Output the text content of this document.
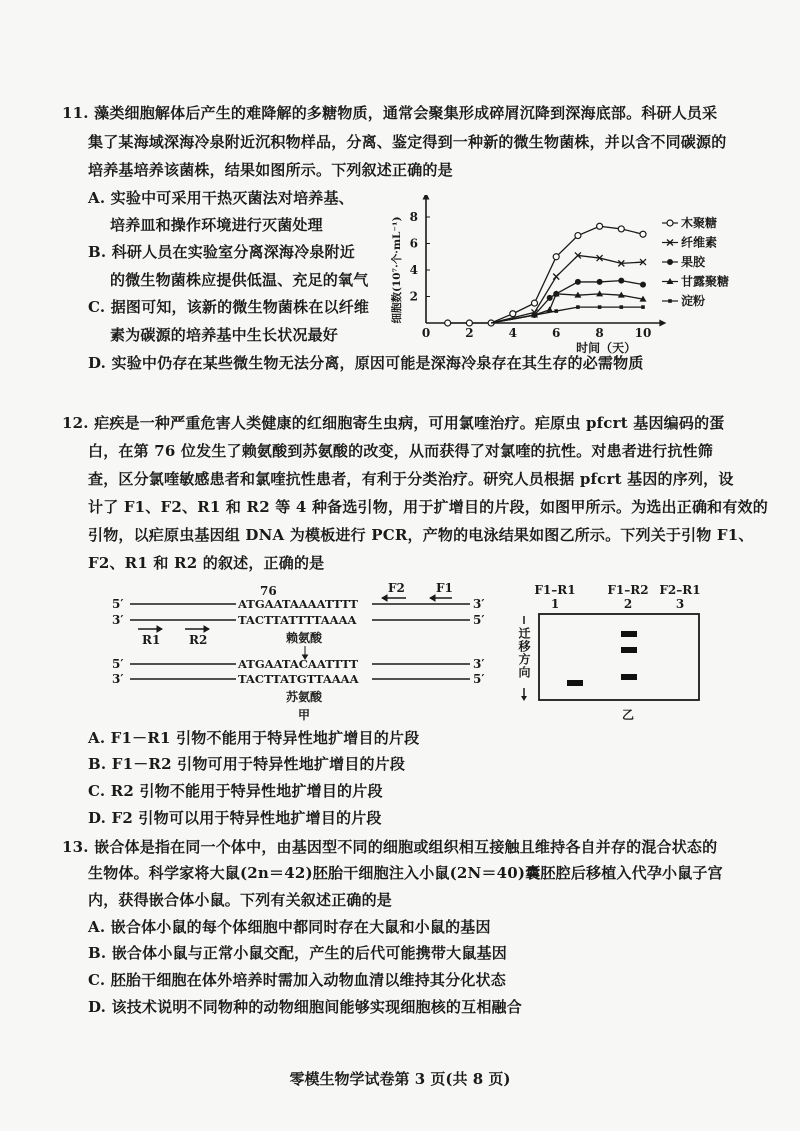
11. 藻类细胞解体后产生的难降解的多糖物质，通常会聚集形成碎屑沉降到深海底部。科研人员采
集了某海域深海冷泉附近沉积物样品，分离、鉴定得到一种新的微生物菌株，并以含不同碳源的
培养基培养该菌株，结果如图所示。下列叙述正确的是
A. 实验中可采用干热灭菌法对培养基、
培养皿和操作环境进行灭菌处理
B. 科研人员在实验室分离深海冷泉附近
的微生物菌株应提供低温、充足的氧气
C. 据图可知，该新的微生物菌株在以纤维
素为碳源的培养基中生长状况最好
D. 实验中仍存在某些微生物无法分离，原因可能是深海冷泉存在其生存的必需物质
0	2	4	6	8	10
2
4
6
8
时间（天）
细胞数(10⁷·个·mL⁻¹)	木聚糖
纤维素
果胶
甘露聚糖
淀粉
12. 疟疾是一种严重危害人类健康的红细胞寄生虫病，可用氯喹治疗。疟原虫 pfcrt 基因编码的蛋
白，在第 76 位发生了赖氨酸到苏氨酸的改变，从而获得了对氯喹的抗性。对患者进行抗性筛
查，区分氯喹敏感患者和氯喹抗性患者，有利于分类治疗。研究人员根据 pfcrt 基因的序列，设
计了 F1、F2、R1 和 R2 等 4 种备选引物，用于扩增目的片段，如图甲所示。为选出正确和有效的
引物，以疟原虫基因组 DNA 为模板进行 PCR，产物的电泳结果如图乙所示。下列关于引物 F1、
F2、R1 和 R2 的叙述，正确的是
5′	ATGAATAAAATTTT	3′
3′	TACTTATTTTAAAA	5′
76	F2	F1
R1 R2	赖氨酸
5′	ATGAATACAATTTT	3′
3′	TACTTATGTTAAAA	5′
苏氨酸
甲
F1–R1
1
F1–R2
2
F2–R1
3
乙
迁移方向
A. F1－R1 引物不能用于特异性地扩增目的片段
B. F1－R2 引物可用于特异性地扩增目的片段
C. R2 引物不能用于特异性地扩增目的片段
D. F2 引物可以用于特异性地扩增目的片段
13. 嵌合体是指在同一个体中，由基因型不同的细胞或组织相互接触且维持各自并存的混合状态的
生物体。科学家将大鼠(2n＝42)胚胎干细胞注入小鼠(2N＝40)囊胚腔后移植入代孕小鼠子宫
内，获得嵌合体小鼠。下列有关叙述正确的是
A. 嵌合体小鼠的每个体细胞中都同时存在大鼠和小鼠的基因
B. 嵌合体小鼠与正常小鼠交配，产生的后代可能携带大鼠基因
C. 胚胎干细胞在体外培养时需加入动物血清以维持其分化状态
D. 该技术说明不同物种的动物细胞间能够实现细胞核的互相融合
零模生物学试卷第 3 页(共 8 页)
